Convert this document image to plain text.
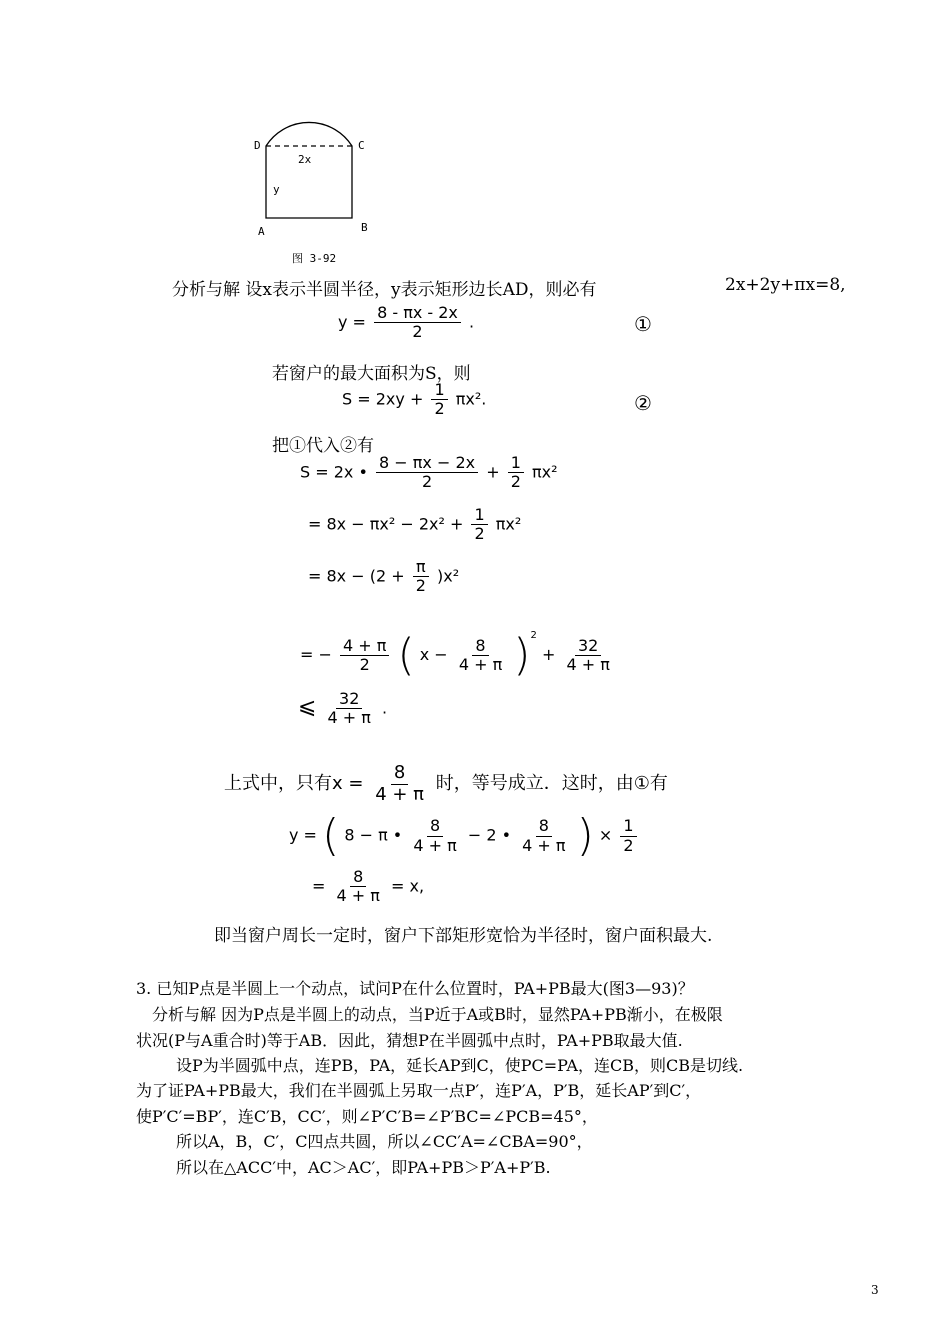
D	C
2x
y
A	B
图 3-92
分析与解 设x表示半圆半径，y表示矩形边长AD，则必有	2x+2y+πx=8,
$y = \frac{8 - \pi x - 2x}{2}$ .	①
若窗户的最大面积为S，则
$S = 2xy + \frac{1}{2} \pi x^2$.	②
把①代入②有
S = 2x • $\frac{8 - \pi x - 2x}{2} + \frac{1}{2} \pi x^2$
= $8x - \pi x^2 - 2x^2 + \frac{1}{2} \pi x^2$
= $8x - (2 + \frac{\pi}{2} )x^2$
= − $\frac{4 + \pi}{2}$ ( $x - \frac{8}{4 + \pi} )^2 + \frac{32}{4 + \pi}$
⩽ $\frac{32}{4 + \pi}$ .
上式中，只有$x = \frac{8}{4 + \pi}$ 时，等号成立．这时，由①有
y = ( 8 − π • $\frac{8}{4 + \pi} - 2$ • $\frac{8}{4 + \pi}$ ) × $\frac{1}{2}$
= $\frac{8}{4 + \pi} = x$,
即当窗户周长一定时，窗户下部矩形宽恰为半径时，窗户面积最大.
3. 已知P点是半圆上一个动点，试问P在什么位置时，PA+PB最大(图3—93)？
分析与解 因为P点是半圆上的动点，当P近于A或B时，显然PA+PB渐小，在极限
状况(P与A重合时)等于AB．因此，猜想P在半圆弧中点时，PA+PB取最大值.
设P为半圆弧中点，连PB，PA，延长AP到C，使PC=PA，连CB，则CB是切线.
为了证PA+PB最大，我们在半圆弧上另取一点P′，连P′A，P′B，延长AP′到C′，
使P′C′=BP′，连C′B，CC′，则∠P′C′B=∠P′BC=∠PCB=45°，
所以A，B，C′，C四点共圆，所以∠CC′A=∠CBA=90°，
所以在△ACC′中，AC＞AC′，即PA+PB＞P′A+P′B.
3
